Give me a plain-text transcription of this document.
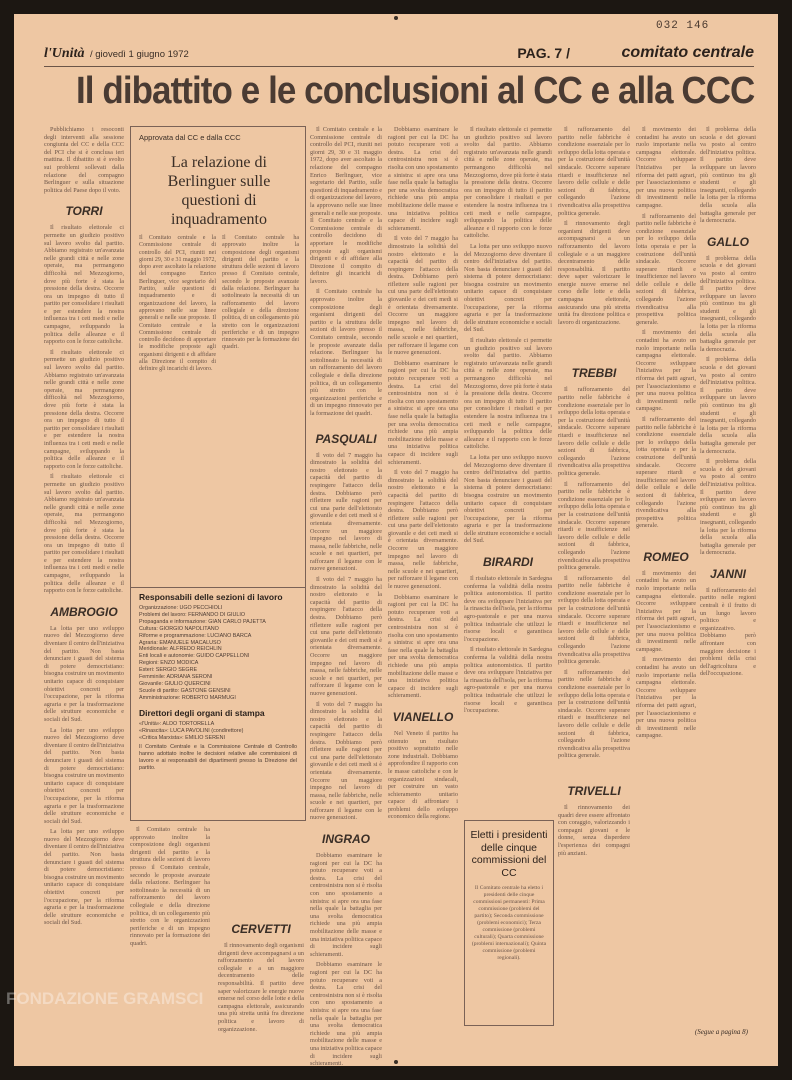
032 146
l'Unità / giovedì 1 giugno 1972	PAG. 7 /	comitato centrale
Il dibattito e le conclusioni al CC e alla CCC

Pubblichiamo i resoconti degli interventi alla sessione congiunta del CC e della CCC del PCI che si è conclusa ieri mattina. Il dibattito si è svolto sui problemi sollevati dalla relazione del compagno Berlinguer e sulla situazione politica del Paese dopo il voto.

TORRI

Il risultato elettorale ci permette un giudizio positivo sul lavoro svolto dal partito. Abbiamo registrato un'avanzata nelle grandi città e nelle zone operaie, ma permangono difficoltà nel Mezzogiorno, dove più forte è stata la pressione della destra. Occorre ora un impegno di tutto il partito per consolidare i risultati e per estendere la nostra influenza tra i ceti medi e nelle campagne, sviluppando la politica delle alleanze e il rapporto con le forze cattoliche.

Il risultato elettorale ci permette un giudizio positivo sul lavoro svolto dal partito. Abbiamo registrato un'avanzata nelle grandi città e nelle zone operaie, ma permangono difficoltà nel Mezzogiorno, dove più forte è stata la pressione della destra. Occorre ora un impegno di tutto il partito per consolidare i risultati e per estendere la nostra influenza tra i ceti medi e nelle campagne, sviluppando la politica delle alleanze e il rapporto con le forze cattoliche.

Il risultato elettorale ci permette un giudizio positivo sul lavoro svolto dal partito. Abbiamo registrato un'avanzata nelle grandi città e nelle zone operaie, ma permangono difficoltà nel Mezzogiorno, dove più forte è stata la pressione della destra. Occorre ora un impegno di tutto il partito per consolidare i risultati e per estendere la nostra influenza tra i ceti medi e nelle campagne, sviluppando la politica delle alleanze e il rapporto con le forze cattoliche.

AMBROGIO

La lotta per uno sviluppo nuovo del Mezzogiorno deve diventare il centro dell'iniziativa del partito. Non basta denunciare i guasti del sistema di potere democristiano: bisogna costruire un movimento unitario capace di conquistare obiettivi concreti per l'occupazione, per la riforma agraria e per la trasformazione delle strutture economiche e sociali del Sud.

La lotta per uno sviluppo nuovo del Mezzogiorno deve diventare il centro dell'iniziativa del partito. Non basta denunciare i guasti del sistema di potere democristiano: bisogna costruire un movimento unitario capace di conquistare obiettivi concreti per l'occupazione, per la riforma agraria e per la trasformazione delle strutture economiche e sociali del Sud.

La lotta per uno sviluppo nuovo del Mezzogiorno deve diventare il centro dell'iniziativa del partito. Non basta denunciare i guasti del sistema di potere democristiano: bisogna costruire un movimento unitario capace di conquistare obiettivi concreti per l'occupazione, per la riforma agraria e per la trasformazione delle strutture economiche e sociali del Sud.

Approvata dal CC e dalla CCC
La relazione di Berlinguer sulle questioni di inquadramento
Il Comitato centrale e la Commissione centrale di controllo del PCI, riuniti nei giorni 29, 30 e 31 maggio 1972, dopo aver ascoltato la relazione del compagno Enrico Berlinguer, vice segretario del Partito, sulle questioni di inquadramento e di organizzazione del lavoro, la approvano nelle sue linee generali e nelle sue proposte. Il Comitato centrale e la Commissione centrale di controllo decidono di apportare le modifiche proposte agli organismi dirigenti e di affidare alla Direzione il compito di definire gli incarichi di lavoro.
Il Comitato centrale ha approvato inoltre la composizione degli organismi dirigenti del partito e la struttura delle sezioni di lavoro presso il Comitato centrale, secondo le proposte avanzate dalla relazione. Berlinguer ha sottolineato la necessità di un rafforzamento del lavoro collegiale e della direzione politica, di un collegamento più stretto con le organizzazioni periferiche e di un impegno rinnovato per la formazione dei quadri.
Responsabili delle sezioni di lavoro
Organizzazione: UGO PECCHIOLI
Problemi del lavoro: FERNANDO DI GIULIO
Propaganda e informazione: GIAN CARLO PAJETTA
Cultura: GIORGIO NAPOLITANO
Riforme e programmazione: LUCIANO BARCA
Agraria: EMANUELE MACALUSO
Meridionale: ALFREDO REICHLIN
Enti locali e autonomie: GUIDO CAPPELLONI
Regioni: ENZO MODICA
Esteri: SERGIO SEGRE
Femminile: ADRIANA SERONI
Giovanile: GIULIO QUERCINI
Scuole di partito: GASTONE GENSINI
Amministrazione: ROBERTO MARMUGI
Direttori degli organi di stampa
«l'Unità»: ALDO TORTORELLA
«Rinascita»: LUCA PAVOLINI (condirettore)
«Critica Marxista»: EMILIO SERENI
Il Comitato Centrale e la Commissione Centrale di Controllo hanno adottato inoltre le decisioni relative alle commissioni di lavoro e ai responsabili dei dipartimenti presso la Direzione del partito.

Il Comitato centrale ha approvato inoltre la composizione degli organismi dirigenti del partito e la struttura delle sezioni di lavoro presso il Comitato centrale, secondo le proposte avanzate dalla relazione. Berlinguer ha sottolineato la necessità di un rafforzamento del lavoro collegiale e della direzione politica, di un collegamento più stretto con le organizzazioni periferiche e di un impegno rinnovato per la formazione dei quadri.

CERVETTI

Il rinnovamento degli organismi dirigenti deve accompagnarsi a un rafforzamento del lavoro collegiale e a un maggiore decentramento delle responsabilità. Il partito deve saper valorizzare le energie nuove emerse nel corso delle lotte e della campagna elettorale, assicurando una più stretta unità fra direzione politica e lavoro di organizzazione.

Il Comitato centrale e la Commissione centrale di controllo del PCI, riuniti nei giorni 29, 30 e 31 maggio 1972, dopo aver ascoltato la relazione del compagno Enrico Berlinguer, vice segretario del Partito, sulle questioni di inquadramento e di organizzazione del lavoro, la approvano nelle sue linee generali e nelle sue proposte. Il Comitato centrale e la Commissione centrale di controllo decidono di apportare le modifiche proposte agli organismi dirigenti e di affidare alla Direzione il compito di definire gli incarichi di lavoro.

Il Comitato centrale ha approvato inoltre la composizione degli organismi dirigenti del partito e la struttura delle sezioni di lavoro presso il Comitato centrale, secondo le proposte avanzate dalla relazione. Berlinguer ha sottolineato la necessità di un rafforzamento del lavoro collegiale e della direzione politica, di un collegamento più stretto con le organizzazioni periferiche e di un impegno rinnovato per la formazione dei quadri.

PASQUALI

Il voto del 7 maggio ha dimostrato la solidità del nostro elettorato e la capacità del partito di respingere l'attacco della destra. Dobbiamo però riflettere sulle ragioni per cui una parte dell'elettorato giovanile e dei ceti medi si è orientata diversamente. Occorre un maggiore impegno nel lavoro di massa, nelle fabbriche, nelle scuole e nei quartieri, per rafforzare il legame con le nuove generazioni.

Il voto del 7 maggio ha dimostrato la solidità del nostro elettorato e la capacità del partito di respingere l'attacco della destra. Dobbiamo però riflettere sulle ragioni per cui una parte dell'elettorato giovanile e dei ceti medi si è orientata diversamente. Occorre un maggiore impegno nel lavoro di massa, nelle fabbriche, nelle scuole e nei quartieri, per rafforzare il legame con le nuove generazioni.

Il voto del 7 maggio ha dimostrato la solidità del nostro elettorato e la capacità del partito di respingere l'attacco della destra. Dobbiamo però riflettere sulle ragioni per cui una parte dell'elettorato giovanile e dei ceti medi si è orientata diversamente. Occorre un maggiore impegno nel lavoro di massa, nelle fabbriche, nelle scuole e nei quartieri, per rafforzare il legame con le nuove generazioni.

INGRAO

Dobbiamo esaminare le ragioni per cui la DC ha potuto recuperare voti a destra. La crisi del centrosinistra non si è risolta con uno spostamento a sinistra: si apre ora una fase nella quale la battaglia per una svolta democratica richiede una più ampia mobilitazione delle masse e una iniziativa politica capace di incidere sugli schieramenti.

Dobbiamo esaminare le ragioni per cui la DC ha potuto recuperare voti a destra. La crisi del centrosinistra non si è risolta con uno spostamento a sinistra: si apre ora una fase nella quale la battaglia per una svolta democratica richiede una più ampia mobilitazione delle masse e una iniziativa politica capace di incidere sugli schieramenti.

Dobbiamo esaminare le ragioni per cui la DC ha potuto recuperare voti a destra. La crisi del centrosinistra non si è risolta con uno spostamento a sinistra: si apre ora una fase nella quale la battaglia per una svolta democratica richiede una più ampia mobilitazione delle masse e una iniziativa politica capace di incidere sugli schieramenti.

Il voto del 7 maggio ha dimostrato la solidità del nostro elettorato e la capacità del partito di respingere l'attacco della destra. Dobbiamo però riflettere sulle ragioni per cui una parte dell'elettorato giovanile e dei ceti medi si è orientata diversamente. Occorre un maggiore impegno nel lavoro di massa, nelle fabbriche, nelle scuole e nei quartieri, per rafforzare il legame con le nuove generazioni.

Dobbiamo esaminare le ragioni per cui la DC ha potuto recuperare voti a destra. La crisi del centrosinistra non si è risolta con uno spostamento a sinistra: si apre ora una fase nella quale la battaglia per una svolta democratica richiede una più ampia mobilitazione delle masse e una iniziativa politica capace di incidere sugli schieramenti.

Il voto del 7 maggio ha dimostrato la solidità del nostro elettorato e la capacità del partito di respingere l'attacco della destra. Dobbiamo però riflettere sulle ragioni per cui una parte dell'elettorato giovanile e dei ceti medi si è orientata diversamente. Occorre un maggiore impegno nel lavoro di massa, nelle fabbriche, nelle scuole e nei quartieri, per rafforzare il legame con le nuove generazioni.

Dobbiamo esaminare le ragioni per cui la DC ha potuto recuperare voti a destra. La crisi del centrosinistra non si è risolta con uno spostamento a sinistra: si apre ora una fase nella quale la battaglia per una svolta democratica richiede una più ampia mobilitazione delle masse e una iniziativa politica capace di incidere sugli schieramenti.

VIANELLO

Nel Veneto il partito ha ottenuto un risultato positivo soprattutto nelle zone industriali. Dobbiamo approfondire il rapporto con le masse cattoliche e con le organizzazioni sindacali, per costruire un vasto schieramento unitario capace di affrontare i problemi dello sviluppo economico della regione.

Il risultato elettorale ci permette un giudizio positivo sul lavoro svolto dal partito. Abbiamo registrato un'avanzata nelle grandi città e nelle zone operaie, ma permangono difficoltà nel Mezzogiorno, dove più forte è stata la pressione della destra. Occorre ora un impegno di tutto il partito per consolidare i risultati e per estendere la nostra influenza tra i ceti medi e nelle campagne, sviluppando la politica delle alleanze e il rapporto con le forze cattoliche.

La lotta per uno sviluppo nuovo del Mezzogiorno deve diventare il centro dell'iniziativa del partito. Non basta denunciare i guasti del sistema di potere democristiano: bisogna costruire un movimento unitario capace di conquistare obiettivi concreti per l'occupazione, per la riforma agraria e per la trasformazione delle strutture economiche e sociali del Sud.

Il risultato elettorale ci permette un giudizio positivo sul lavoro svolto dal partito. Abbiamo registrato un'avanzata nelle grandi città e nelle zone operaie, ma permangono difficoltà nel Mezzogiorno, dove più forte è stata la pressione della destra. Occorre ora un impegno di tutto il partito per consolidare i risultati e per estendere la nostra influenza tra i ceti medi e nelle campagne, sviluppando la politica delle alleanze e il rapporto con le forze cattoliche.

La lotta per uno sviluppo nuovo del Mezzogiorno deve diventare il centro dell'iniziativa del partito. Non basta denunciare i guasti del sistema di potere democristiano: bisogna costruire un movimento unitario capace di conquistare obiettivi concreti per l'occupazione, per la riforma agraria e per la trasformazione delle strutture economiche e sociali del Sud.

BIRARDI

Il risultato elettorale in Sardegna conferma la validità della nostra politica autonomistica. Il partito deve ora sviluppare l'iniziativa per la rinascita dell'isola, per la riforma agro-pastorale e per una nuova politica industriale che utilizzi le risorse locali e garantisca l'occupazione.

Il risultato elettorale in Sardegna conferma la validità della nostra politica autonomistica. Il partito deve ora sviluppare l'iniziativa per la rinascita dell'isola, per la riforma agro-pastorale e per una nuova politica industriale che utilizzi le risorse locali e garantisca l'occupazione.

Eletti i presidenti delle cinque commissioni del CC
Il Comitato centrale ha eletto i presidenti delle cinque commissioni permanenti: Prima commissione (problemi del partito); Seconda commissione (problemi economici); Terza commissione (problemi culturali); Quarta commissione (problemi internazionali); Quinta commissione (problemi regionali).

Il rafforzamento del partito nelle fabbriche è condizione essenziale per lo sviluppo della lotta operaia e per la costruzione dell'unità sindacale. Occorre superare ritardi e insufficienze nel lavoro delle cellule e delle sezioni di fabbrica, collegando l'azione rivendicativa alla prospettiva politica generale.

Il rinnovamento degli organismi dirigenti deve accompagnarsi a un rafforzamento del lavoro collegiale e a un maggiore decentramento delle responsabilità. Il partito deve saper valorizzare le energie nuove emerse nel corso delle lotte e della campagna elettorale, assicurando una più stretta unità fra direzione politica e lavoro di organizzazione.

TREBBI

Il rafforzamento del partito nelle fabbriche è condizione essenziale per lo sviluppo della lotta operaia e per la costruzione dell'unità sindacale. Occorre superare ritardi e insufficienze nel lavoro delle cellule e delle sezioni di fabbrica, collegando l'azione rivendicativa alla prospettiva politica generale.

Il rafforzamento del partito nelle fabbriche è condizione essenziale per lo sviluppo della lotta operaia e per la costruzione dell'unità sindacale. Occorre superare ritardi e insufficienze nel lavoro delle cellule e delle sezioni di fabbrica, collegando l'azione rivendicativa alla prospettiva politica generale.

Il rafforzamento del partito nelle fabbriche è condizione essenziale per lo sviluppo della lotta operaia e per la costruzione dell'unità sindacale. Occorre superare ritardi e insufficienze nel lavoro delle cellule e delle sezioni di fabbrica, collegando l'azione rivendicativa alla prospettiva politica generale.

Il rafforzamento del partito nelle fabbriche è condizione essenziale per lo sviluppo della lotta operaia e per la costruzione dell'unità sindacale. Occorre superare ritardi e insufficienze nel lavoro delle cellule e delle sezioni di fabbrica, collegando l'azione rivendicativa alla prospettiva politica generale.

TRIVELLI

Il rinnovamento dei quadri deve essere affrontato con coraggio, valorizzando i compagni giovani e le donne, senza disperdere l'esperienza dei compagni più anziani.

Il movimento dei contadini ha avuto un ruolo importante nella campagna elettorale. Occorre sviluppare l'iniziativa per la riforma dei patti agrari, per l'associazionismo e per una nuova politica di investimenti nelle campagne.

Il rafforzamento del partito nelle fabbriche è condizione essenziale per lo sviluppo della lotta operaia e per la costruzione dell'unità sindacale. Occorre superare ritardi e insufficienze nel lavoro delle cellule e delle sezioni di fabbrica, collegando l'azione rivendicativa alla prospettiva politica generale.

Il movimento dei contadini ha avuto un ruolo importante nella campagna elettorale. Occorre sviluppare l'iniziativa per la riforma dei patti agrari, per l'associazionismo e per una nuova politica di investimenti nelle campagne.

Il rafforzamento del partito nelle fabbriche è condizione essenziale per lo sviluppo della lotta operaia e per la costruzione dell'unità sindacale. Occorre superare ritardi e insufficienze nel lavoro delle cellule e delle sezioni di fabbrica, collegando l'azione rivendicativa alla prospettiva politica generale.

ROMEO

Il movimento dei contadini ha avuto un ruolo importante nella campagna elettorale. Occorre sviluppare l'iniziativa per la riforma dei patti agrari, per l'associazionismo e per una nuova politica di investimenti nelle campagne.

Il movimento dei contadini ha avuto un ruolo importante nella campagna elettorale. Occorre sviluppare l'iniziativa per la riforma dei patti agrari, per l'associazionismo e per una nuova politica di investimenti nelle campagne.

Il problema della scuola e dei giovani va posto al centro dell'iniziativa politica. Il partito deve sviluppare un lavoro più continuo tra gli studenti e gli insegnanti, collegando la lotta per la riforma della scuola alla battaglia generale per la democrazia.

GALLO

Il problema della scuola e dei giovani va posto al centro dell'iniziativa politica. Il partito deve sviluppare un lavoro più continuo tra gli studenti e gli insegnanti, collegando la lotta per la riforma della scuola alla battaglia generale per la democrazia.

Il problema della scuola e dei giovani va posto al centro dell'iniziativa politica. Il partito deve sviluppare un lavoro più continuo tra gli studenti e gli insegnanti, collegando la lotta per la riforma della scuola alla battaglia generale per la democrazia.

Il problema della scuola e dei giovani va posto al centro dell'iniziativa politica. Il partito deve sviluppare un lavoro più continuo tra gli studenti e gli insegnanti, collegando la lotta per la riforma della scuola alla battaglia generale per la democrazia.

JANNI

Il rafforzamento del partito nelle regioni centrali è il frutto di un lungo lavoro politico e organizzativo. Dobbiamo però affrontare con maggiore decisione i problemi della crisi dell'agricoltura e dell'occupazione.

(Segue a pagina 8)
FONDAZIONE GRAMSCI
